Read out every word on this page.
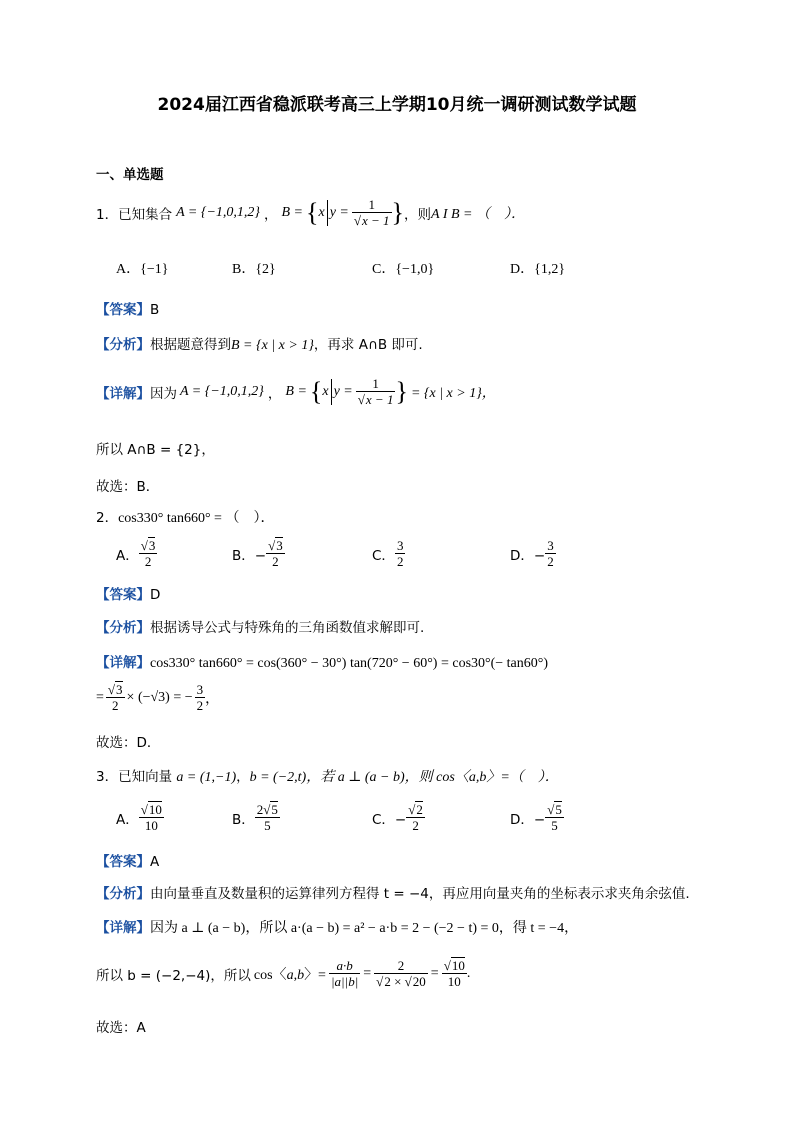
2024届江西省稳派联考高三上学期10月统一调研测试数学试题
一、单选题
1． 已知集合 A = {−1,0,1,2} ， B = { x $y = \frac{1}{√x - 1}$ } ，则 A I B = （　）．
A．{−1}	B．{2}	C．{−1,0}	D．{1,2}
【答案】B
【分析】根据题意得到B = {x | x > 1}，再求 A∩B 即可.
【详解】 因为 A = {−1,0,1,2} ， B = { x $y = \frac{1}{√x - 1}$ } = {x | x > 1}，
所以 A∩B = {2}，
故选：B．
2．cos330° tan660° = （　）．
A． $\frac{√3}{2}$	B．− $\frac{√3}{2}$	C． $\frac{3}{2}$	D．− $\frac{3}{2}$
【答案】D
【分析】根据诱导公式与特殊角的三角函数值求解即可.
【详解】cos330° tan660° = cos(360° − 30°) tan(720° − 60°) = cos30°(− tan60°)
= $\frac{√3}{2} \times (-√3)$ = − $\frac{3}{2}$ ，
故选：D．
3．已知向量 a = (1,−1)，b = (−2,t)，若 a ⊥ (a − b)，则 cos〈a,b〉=（　）．
A． $\frac{√10}{10}$	B． $\frac{2√5}{5}$	C．− $\frac{√2}{2}$	D．− $\frac{√5}{5}$
【答案】A
【分析】由向量垂直及数量积的运算律列方程得 t = −4，再应用向量夹角的坐标表示求夹角余弦值.
【详解】因为 a ⊥ (a − b)，所以 a·(a − b) = a² − a·b = 2 − (−2 − t) = 0，得 t = −4，
所以 b = (−2,−4)，所以 cos〈a,b〉= $\frac{a\cdot b}{|a||b|} = \frac{2}{√2 \times √20} = \frac{√10}{10}$ .
故选：A
